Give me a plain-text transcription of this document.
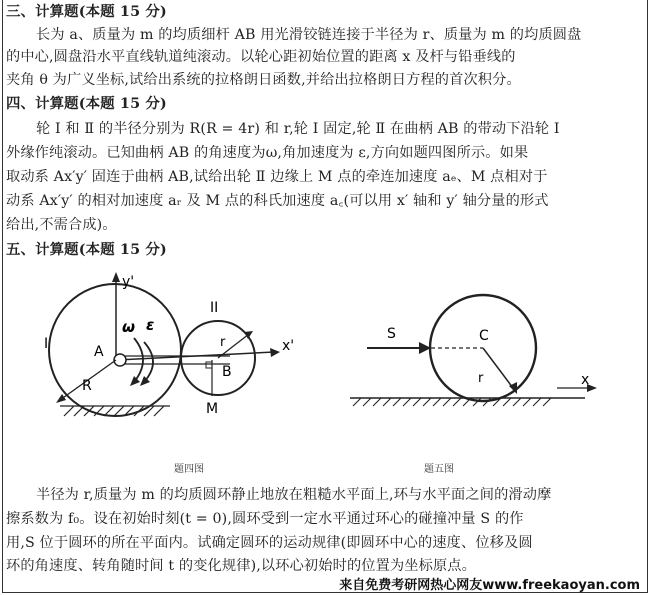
三、计算题(本题 15 分)
长为 a、质量为 m 的均质细杆 AB 用光滑铰链连接于半径为 r、质量为 m 的均质圆盘
的中心,圆盘沿水平直线轨道纯滚动。以轮心距初始位置的距离 x 及杆与铅垂线的
夹角 θ 为广义坐标,试给出系统的拉格朗日函数,并给出拉格朗日方程的首次积分。
四、计算题(本题 15 分)
轮 Ⅰ 和 Ⅱ 的半径分别为 R(R = 4r) 和 r,轮 Ⅰ 固定,轮 Ⅱ 在曲柄 AB 的带动下沿轮 Ⅰ
外缘作纯滚动。已知曲柄 AB 的角速度为ω,角加速度为 ε,方向如题四图所示。如果
取动系 Ax′y′ 固连于曲柄 AB,试给出轮 Ⅱ 边缘上 M 点的牵连加速度 aₑ、M 点相对于
动系 Ax′y′ 的相对加速度 aᵣ 及 M 点的科氏加速度 a꜀(可以用 x′ 轴和 y′ 轴分量的形式
给出,不需合成)。
五、计算题(本题 15 分)
y'
x'
I
II
A
B
M
R
r
ω ε
题四图
S	C
r	x
题五图
半径为 r,质量为 m 的均质圆环静止地放在粗糙水平面上,环与水平面之间的滑动摩
擦系数为 f₀。设在初始时刻(t = 0),圆环受到一定水平通过环心的碰撞冲量 S 的作
用,S 位于圆环的所在平面内。试确定圆环的运动规律(即圆环中心的速度、位移及圆
环的角速度、转角随时间 t 的变化规律),以环心初始时的位置为坐标原点。
来自免费考研网热心网友www.freekaoyan.com
